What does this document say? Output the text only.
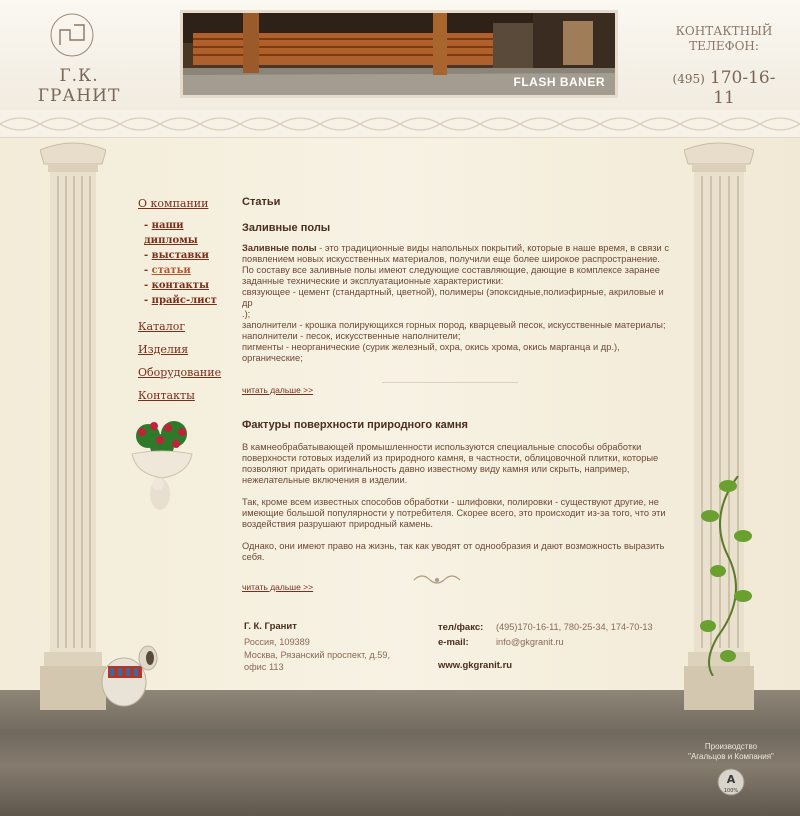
Г.К. ГРАНИТ
FLASH BANER
КОНТАКТНЫЙ ТЕЛЕФОН:
(495) 170-16-11
О компании
- наши дипломы
- выставки
- статьи
- контакты
- прайс-лист
Каталог
Изделия
Оборудование
Контакты
Статьи
Заливные полы
Заливные полы - это традиционные виды напольных покрытий, которые в наше время, в связи с появлением новых искусственных материалов, получили еще более широкое распространение.
По составу все заливные полы имеют следующие составляющие, дающие в комплексе заранее
заданные технические и эксплуатационные характеристики:
связующее - цемент (стандартный, цветной), полимеры (эпоксидные,полиэфирные, акриловые и др
.);
заполнители - крошка полирующихся горных пород, кварцевый песок, искусственные материалы;
наполнители - песок, искусственные наполнители;
пигменты - неорганические (сурик железный, охра, окись хрома, окись марганца и др.),
органические;
читать дальше >>
Фактуры поверхности природного камня
В камнеобрабатывающей промышленности используются специальные способы обработки поверхности готовых изделий из природного камня, в частности, облицовочной плитки, которые позволяют придать оригинальность давно известному виду камня или скрыть, например, нежелательные включения в изделии.
Так, кроме всем известных способов обработки - шлифовки, полировки - существуют другие, не имеющие большой популярности у потребителя. Скорее всего, это происходит из-за того, что эти воздействия разрушают природный камень.
Однако, они имеют право на жизнь, так как уводят от однообразия и дают возможность выразить себя.
читать дальше >>
Г. К. Гранит
Россия, 109389
Москва, Рязанский проспект, д.59,
офис 113
тел/факс:	(495)170-16-11, 780-25-34, 174-70-13
e-mail:	info@gkgranit.ru
www.gkgranit.ru
Производство
"Агальцов и Компания"
A
100%
